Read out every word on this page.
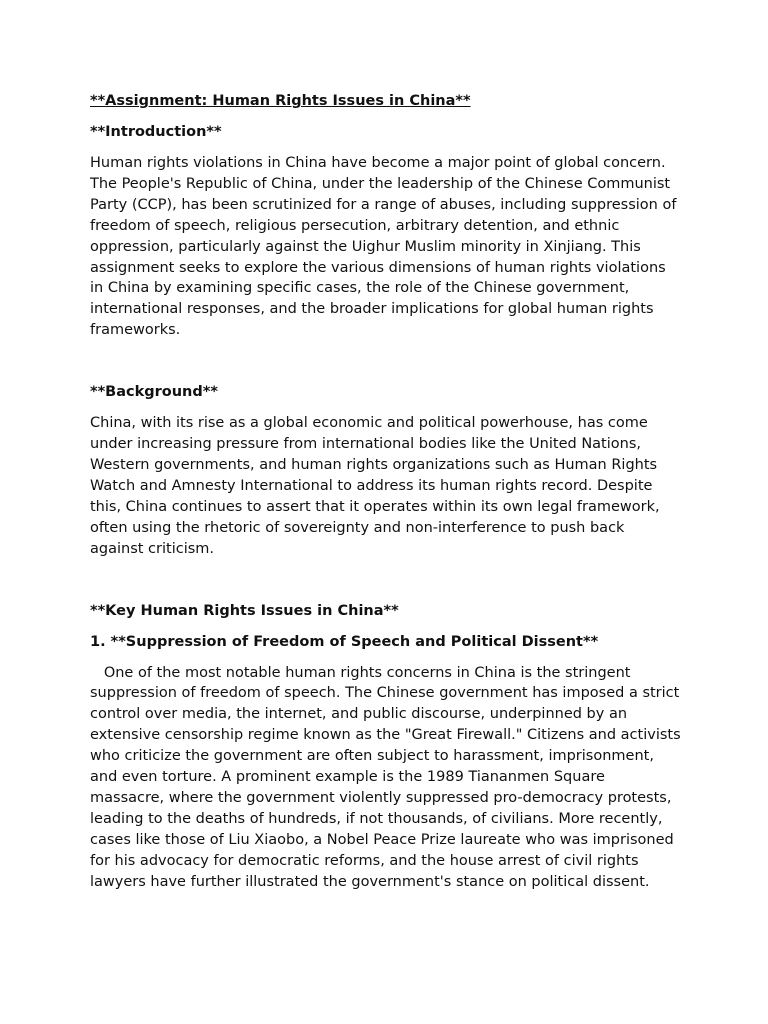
**Assignment: Human Rights Issues in China**
**Introduction**

Human rights violations in China have become a major point of global concern. The People's Republic of China, under the leadership of the Chinese Communist Party (CCP), has been scrutinized for a range of abuses, including suppression of freedom of speech, religious persecution, arbitrary detention, and ethnic oppression, particularly against the Uighur Muslim minority in Xinjiang. This assignment seeks to explore the various dimensions of human rights violations in China by examining specific cases, the role of the Chinese government, international responses, and the broader implications for global human rights frameworks.

**Background**

China, with its rise as a global economic and political powerhouse, has come under increasing pressure from international bodies like the United Nations, Western governments, and human rights organizations such as Human Rights Watch and Amnesty International to address its human rights record. Despite this, China continues to assert that it operates within its own legal framework, often using the rhetoric of sovereignty and non-interference to push back against criticism.

**Key Human Rights Issues in China**
1. **Suppression of Freedom of Speech and Political Dissent**

One of the most notable human rights concerns in China is the stringent suppression of freedom of speech. The Chinese government has imposed a strict control over media, the internet, and public discourse, underpinned by an extensive censorship regime known as the "Great Firewall." Citizens and activists who criticize the government are often subject to harassment, imprisonment, and even torture. A prominent example is the 1989 Tiananmen Square massacre, where the government violently suppressed pro-democracy protests, leading to the deaths of hundreds, if not thousands, of civilians. More recently, cases like those of Liu Xiaobo, a Nobel Peace Prize laureate who was imprisoned for his advocacy for democratic reforms, and the house arrest of civil rights lawyers have further illustrated the government's stance on political dissent.
